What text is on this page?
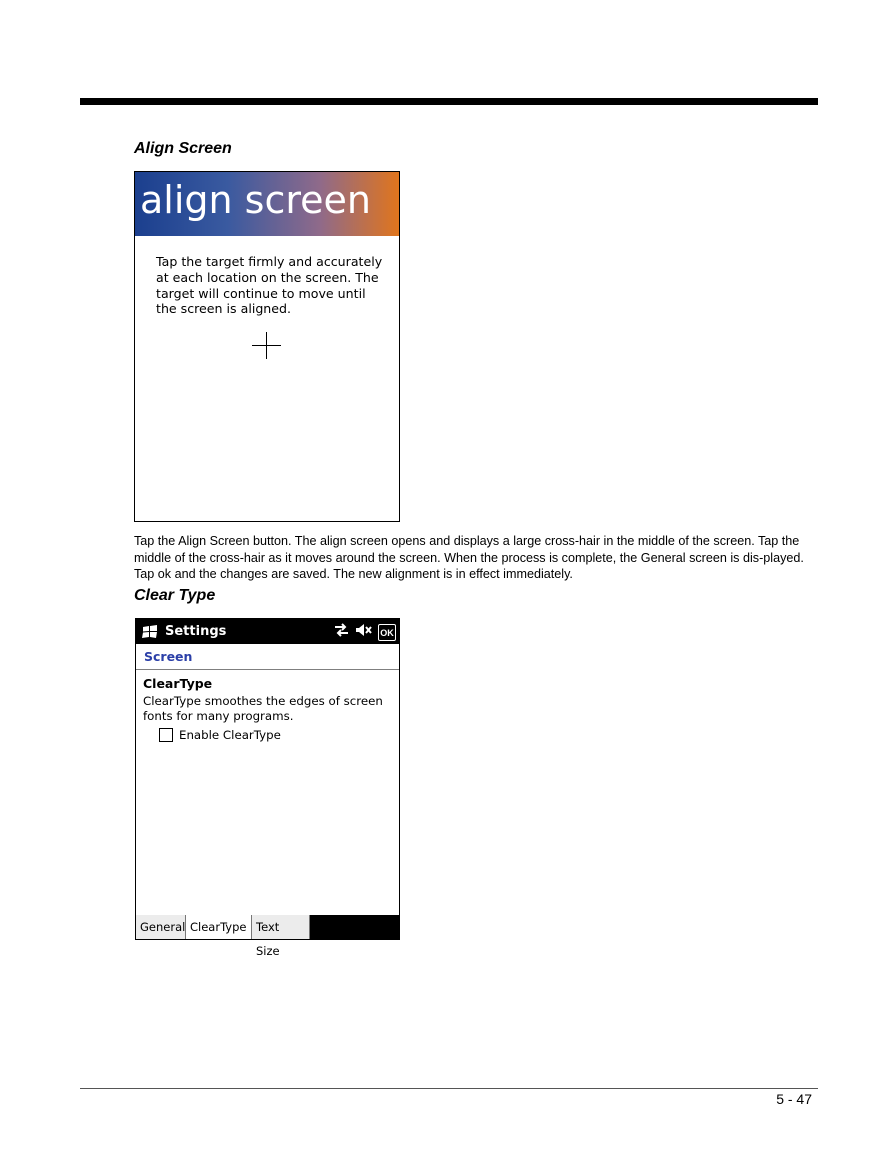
Align Screen
align screen
Tap the target firmly and accurately
at each location on the screen. The
target will continue to move until
the screen is aligned.
Tap the Align Screen button. The align screen opens and displays a large cross-hair in the middle of the screen. Tap the middle of the cross-hair as it moves around the screen. When the process is complete, the General screen is dis-played. Tap ok and the changes are saved. The new alignment is in effect immediately.
Clear Type
Settings	OK
Screen
ClearType
ClearType smoothes the edges of screen fonts for many programs.
Enable ClearType
General ClearType Text Size
5 - 47
